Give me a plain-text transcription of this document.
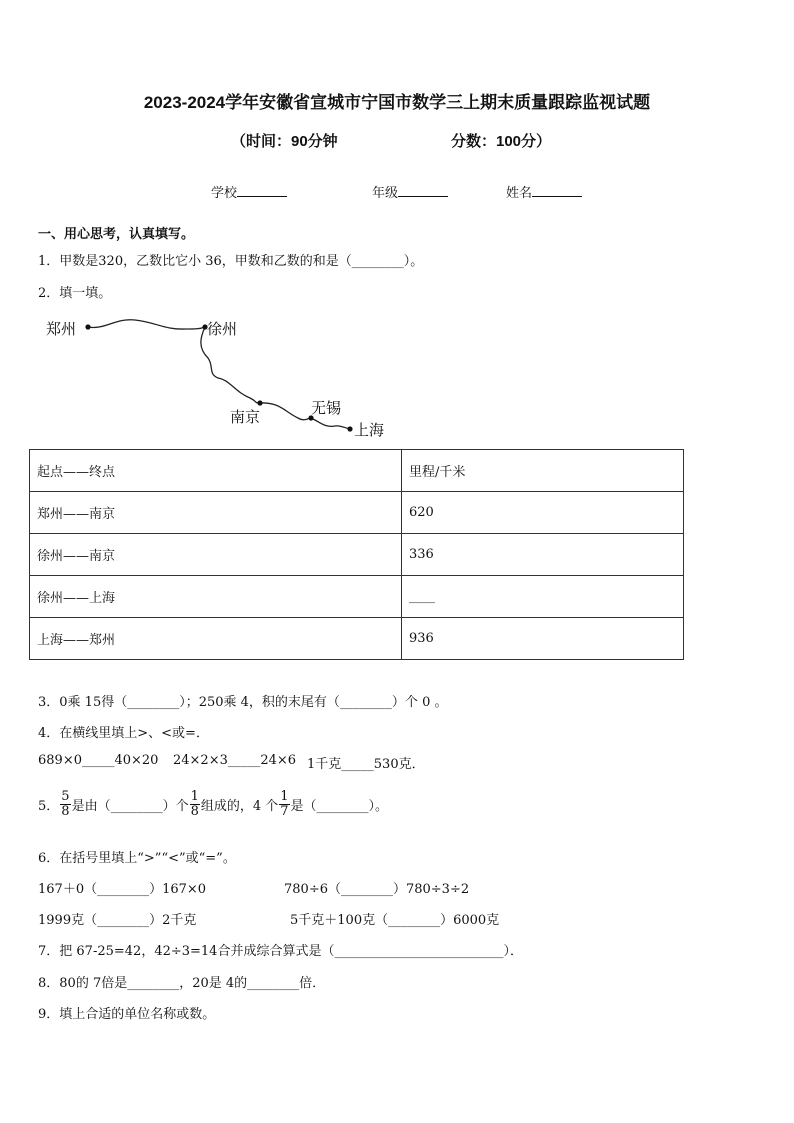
2023-2024学年安徽省宣城市宁国市数学三上期末质量跟踪监视试题
（时间：90分钟	分数：100分）
学校	年级	姓名
一、用心思考，认真填写。
1．甲数是320，乙数比它小 36，甲数和乙数的和是（________）。
2．填一填。
郑州	徐州
南京	无锡
上海
起点——终点	里程/千米
郑州——南京	620
徐州——南京	336
徐州——上海	____
上海——郑州	936
3．0乘 15得（________）；250乘 4，积的末尾有（________）个 0 。
4．在横线里填上>、<或=．
689×0_____40×20 24×2×3_____24×6 1千克_____530克．
5． $\frac{5}{8}$ 是由（________）个 $\frac{1}{8}$ 组成的，4 个 $\frac{1}{7}$ 是（________）。
6．在括号里填上“>”“<”或“=”。
167＋0（________）167×0	780÷6（________）780÷3÷2
1999克（________）2千克	5千克＋100克（________）6000克
7．把 67-25=42，42÷3=14合并成综合算式是（__________________________）．
8．80的 7倍是________，20是 4的________倍．
9．填上合适的单位名称或数。
